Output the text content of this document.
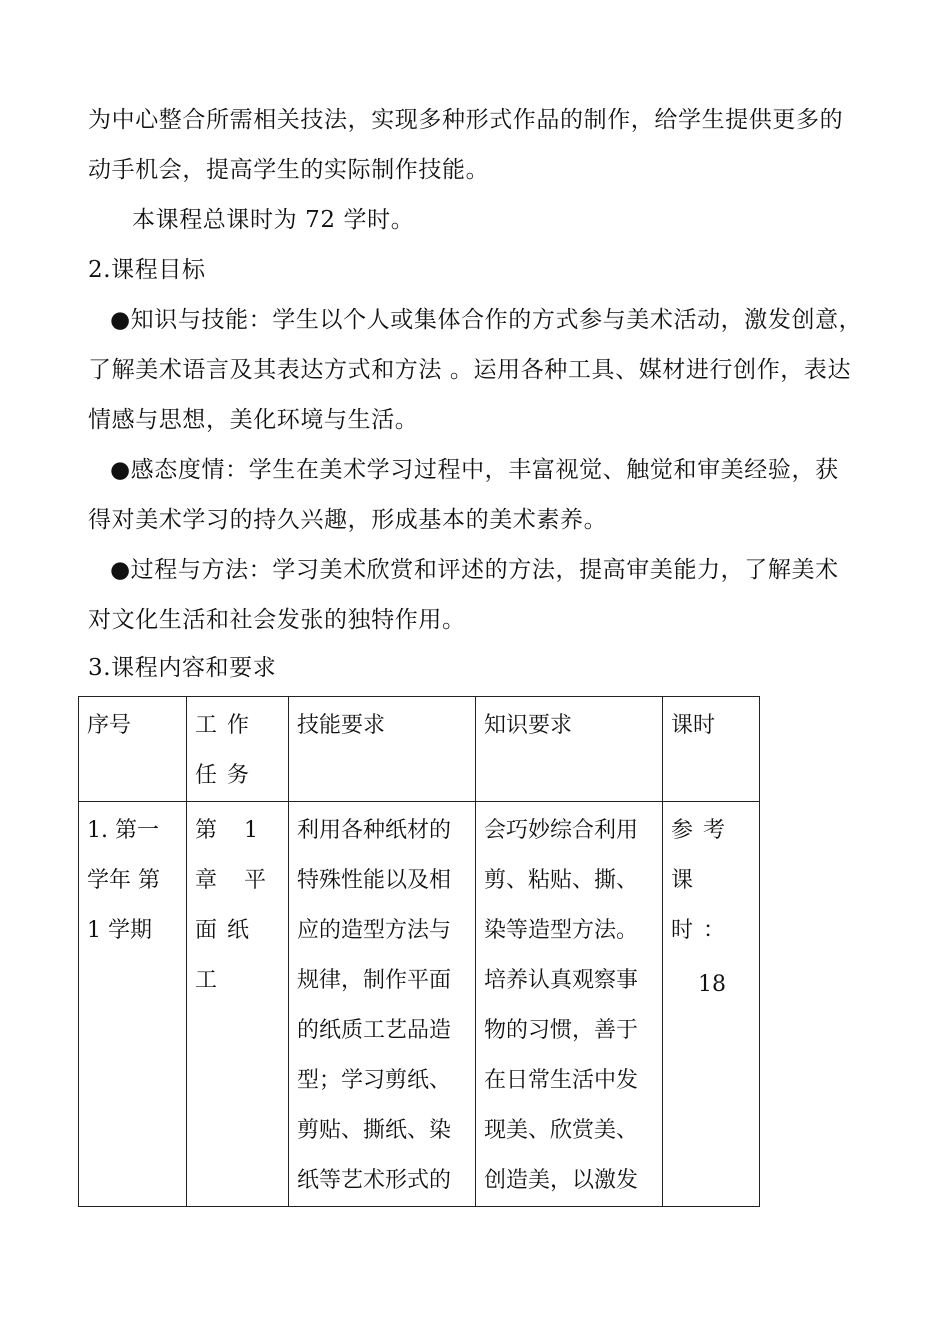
为中心整合所需相关技法，实现多种形式作品的制作，给学生提供更多的
动手机会，提高学生的实际制作技能。
本课程总课时为 72 学时。
2.课程目标
●知识与技能：学生以个人或集体合作的方式参与美术活动，激发创意，
了解美术语言及其表达方式和方法 。运用各种工具、媒材进行创作，表达
情感与思想，美化环境与生活。
●感态度情：学生在美术学习过程中，丰富视觉、触觉和审美经验，获
得对美术学习的持久兴趣，形成基本的美术素养。
●过程与方法：学习美术欣赏和评述的方法，提高审美能力，了解美术
对文化生活和社会发张的独特作用。
3.课程内容和要求
序号	工作任务	技能要求	知识要求	课时

1. 第一学年 第 1 学期	第 1 章 平面纸工	利用各种纸材的特殊性能以及相应的造型方法与规律，制作平面的纸质工艺品造型；学习剪纸、剪贴、撕纸、染纸等艺术形式的	会巧妙综合利用剪、粘贴、撕、染等造型方法。培养认真观察事物的习惯，善于在日常生活中发现美、欣赏美、创造美，以激发	参考课时：
18
